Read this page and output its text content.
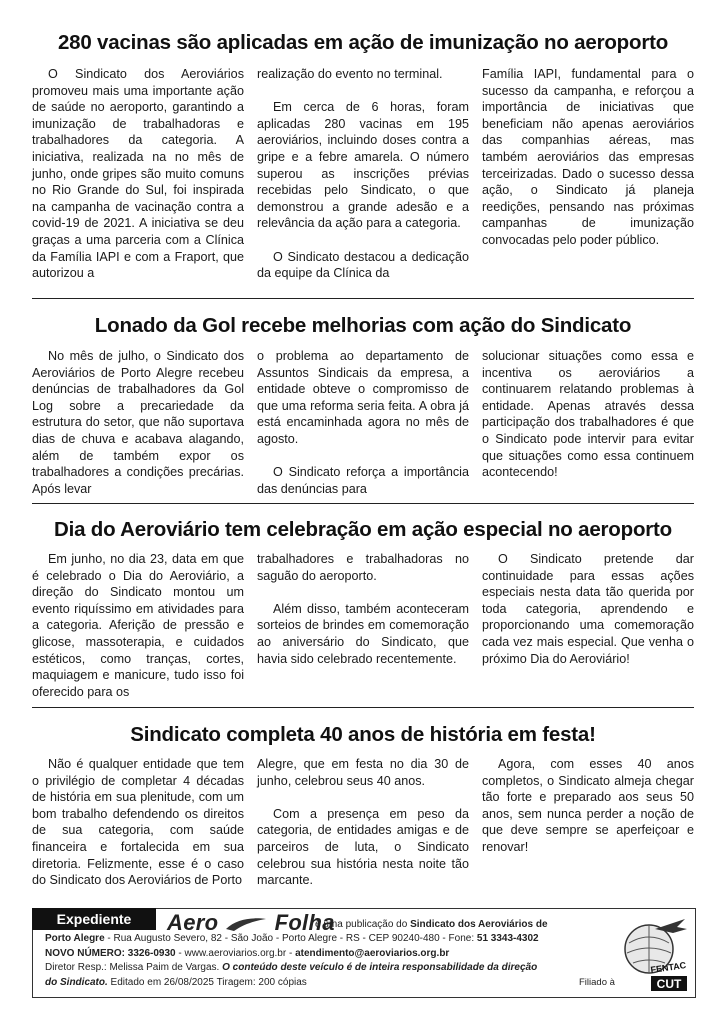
280 vacinas são aplicadas em ação de imunização no aeroporto

O Sindicato dos Aeroviários promoveu mais uma importante ação de saúde no aeroporto, garantindo a imunização de trabalhadoras e trabalhadores da categoria. A iniciativa, realizada na no mês de junho, onde gripes são muito comuns no Rio Grande do Sul, foi inspirada na campanha de vacinação contra a covid-19 de 2021. A iniciativa se deu graças a uma parceria com a Clínica da Família IAPI e com a Fraport, que autorizou a

realização do evento no terminal.

Em cerca de 6 horas, foram aplicadas 280 vacinas em 195 aeroviários, incluindo doses contra a gripe e a febre amarela. O número superou as inscrições prévias recebidas pelo Sindicato, o que demonstrou a grande adesão e a relevância da ação para a categoria.

O Sindicato destacou a dedicação da equipe da Clínica da

Família IAPI, fundamental para o sucesso da campanha, e reforçou a importância de iniciativas que beneficiam não apenas aeroviários das companhias aéreas, mas também aeroviários das empresas terceirizadas. Dado o sucesso dessa ação, o Sindicato já planeja reedições, pensando nas próximas campanhas de imunização convocadas pelo poder público.

Lonado da Gol recebe melhorias com ação do Sindicato

No mês de julho, o Sindicato dos Aeroviários de Porto Alegre recebeu denúncias de trabalhadores da Gol Log sobre a precariedade da estrutura do setor, que não suportava dias de chuva e acabava alagando, além de também expor os trabalhadores a condições precárias. Após levar

o problema ao departamento de Assuntos Sindicais da empresa, a entidade obteve o compromisso de que uma reforma seria feita. A obra já está encaminhada agora no mês de agosto.

O Sindicato reforça a importância das denúncias para

solucionar situações como essa e incentiva os aeroviários a continuarem relatando problemas à entidade. Apenas através dessa participação dos trabalhadores é que o Sindicato pode intervir para evitar que situações como essa continuem acontecendo!

Dia do Aeroviário tem celebração em ação especial no aeroporto

Em junho, no dia 23, data em que é celebrado o Dia do Aeroviário, a direção do Sindicato montou um evento riquíssimo em atividades para a categoria. Aferição de pressão e glicose, massoterapia, e cuidados estéticos, como tranças, cortes, maquiagem e manicure, tudo isso foi oferecido para os

trabalhadores e trabalhadoras no saguão do aeroporto.

Além disso, também aconteceram sorteios de brindes em comemoração ao aniversário do Sindicato, que havia sido celebrado recentemente.

O Sindicato pretende dar continuidade para essas ações especiais nesta data tão querida por toda categoria, aprendendo e proporcionando uma comemoração cada vez mais especial. Que venha o próximo Dia do Aeroviário!

Sindicato completa 40 anos de história em festa!

Não é qualquer entidade que tem o privilégio de completar 4 décadas de história em sua plenitude, com um bom trabalho defendendo os direitos de sua categoria, com saúde financeira e fortalecida em sua diretoria. Felizmente, esse é o caso do Sindicato dos Aeroviários de Porto

Alegre, que em festa no dia 30 de junho, celebrou seus 40 anos.

Com a presença em peso da categoria, de entidades amigas e de parceiros de luta, o Sindicato celebrou sua história nesta noite tão marcante.

Agora, com esses 40 anos completos, o Sindicato almeja chegar tão forte e preparado aos seus 50 anos, sem nunca perder a noção de que deve sempre se aperfeiçoar e renovar!

Expediente	Aero	Folha
é uma publicação do Sindicato dos Aeroviários de
Porto Alegre - Rua Augusto Severo, 82 - São João - Porto Alegre - RS - CEP 90240-480 - Fone: 51 3343-4302
NOVO NÚMERO: 3326-0930 - www.aeroviarios.org.br - atendimento@aeroviarios.org.br
Diretor Resp.: Melissa Paim de Vargas. O conteúdo deste veículo é de inteira responsabilidade da direção
do Sindicato. Editado em 26/08/2025 Tiragem: 200 cópias	Filiado à
FENTAC
CUT
